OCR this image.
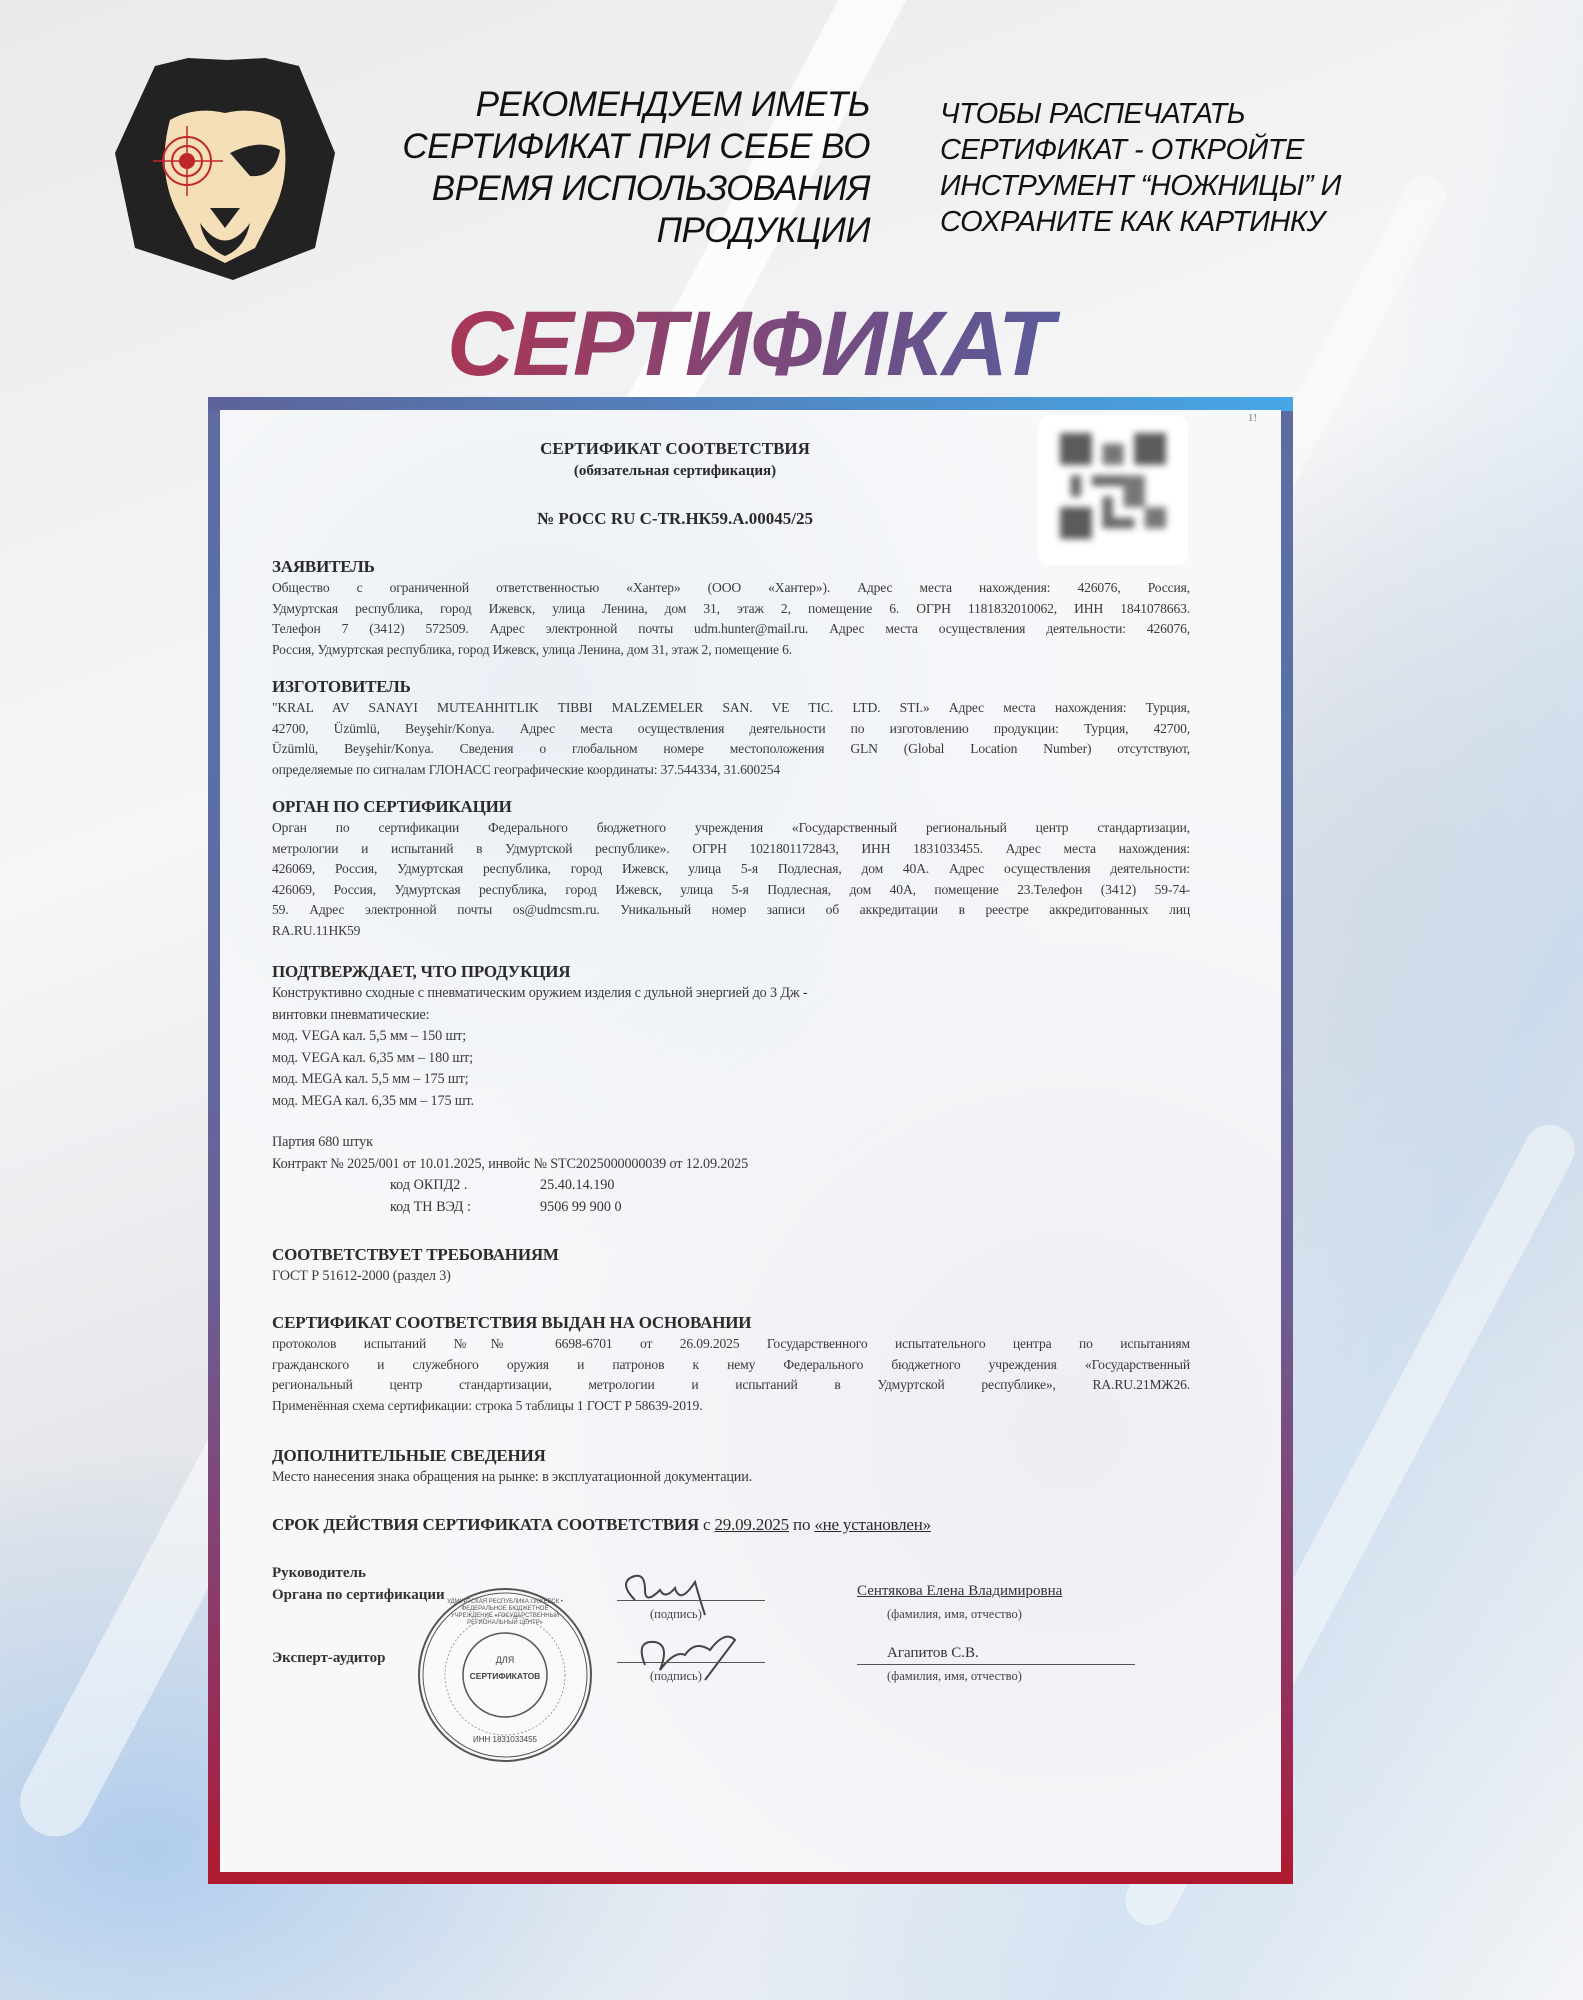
РЕКОМЕНДУЕМ ИМЕТЬ
СЕРТИФИКАТ ПРИ СЕБЕ ВО
ВРЕМЯ ИСПОЛЬЗОВАНИЯ
ПРОДУКЦИИ
ЧТОБЫ РАСПЕЧАТАТЬ
СЕРТИФИКАТ - ОТКРОЙТЕ
ИНСТРУМЕНТ “НОЖНИЦЫ” И
СОХРАНИТЕ КАК КАРТИНКУ
СЕРТИФИКАТ
1!
СЕРТИФИКАТ СООТВЕТСТВИЯ
(обязательная сертификация)
№ РОСС RU C-TR.НК59.А.00045/25
ЗАЯВИТЕЛЬ
Общество с ограниченной ответственностью «Хантер» (ООО «Хантер»). Адрес места нахождения: 426076, Россия,
Удмуртская республика, город Ижевск, улица Ленина, дом 31, этаж 2, помещение 6. ОГРН 1181832010062, ИНН 1841078663.
Телефон 7 (3412) 572509. Адрес электронной почты udm.hunter@mail.ru. Адрес места осуществления деятельности: 426076,
Россия, Удмуртская республика, город Ижевск, улица Ленина, дом 31, этаж 2, помещение 6.
ИЗГОТОВИТЕЛЬ
"KRAL AV SANAYI MUTEAHHITLIK TIBBI MALZEMELER SAN. VE TIC. LTD. STI.» Адрес места нахождения: Турция,
42700, Üzümlü, Beyşehir/Konya. Адрес места осуществления деятельности по изготовлению продукции: Турция, 42700,
Üzümlü, Beyşehir/Konya. Сведения о глобальном номере местоположения GLN (Global Location Number) отсутствуют,
определяемые по сигналам ГЛОНАСС географические координаты: 37.544334, 31.600254
ОРГАН ПО СЕРТИФИКАЦИИ
Орган по сертификации Федерального бюджетного учреждения «Государственный региональный центр стандартизации,
метрологии и испытаний в Удмуртской республике». ОГРН 1021801172843, ИНН 1831033455. Адрес места нахождения:
426069, Россия, Удмуртская республика, город Ижевск, улица 5-я Подлесная, дом 40А. Адрес осуществления деятельности:
426069, Россия, Удмуртская республика, город Ижевск, улица 5-я Подлесная, дом 40А, помещение 23.Телефон (3412) 59-74-
59. Адрес электронной почты os@udmcsm.ru. Уникальный номер записи об аккредитации в реестре аккредитованных лиц
RA.RU.11НК59
ПОДТВЕРЖДАЕТ, ЧТО ПРОДУКЦИЯ
Конструктивно сходные с пневматическим оружием изделия с дульной энергией до 3 Дж -
винтовки пневматические:
мод. VEGA кал. 5,5 мм – 150 шт;
мод. VEGA кал. 6,35 мм – 180 шт;
мод. MEGA кал. 5,5 мм – 175 шт;
мод. MEGA кал. 6,35 мм – 175 шт.
Партия 680 штук
Контракт № 2025/001 от 10.01.2025, инвойс № STC2025000000039 от 12.09.2025
код ОКПД2 .	25.40.14.190
код ТН ВЭД :	9506 99 900 0
СООТВЕТСТВУЕТ ТРЕБОВАНИЯМ
ГОСТ Р 51612-2000 (раздел 3)
СЕРТИФИКАТ СООТВЕТСТВИЯ ВЫДАН НА ОСНОВАНИИ
протоколов испытаний №№ 6698-6701 от 26.09.2025 Государственного испытательного центра по испытаниям
гражданского и служебного оружия и патронов к нему Федерального бюджетного учреждения «Государственный
региональный центр стандартизации, метрологии и испытаний в Удмуртской республике», RA.RU.21МЖ26.
Применённая схема сертификации: строка 5 таблицы 1 ГОСТ Р 58639-2019.
ДОПОЛНИТЕЛЬНЫЕ СВЕДЕНИЯ
Место нанесения знака обращения на рынке: в эксплуатационной документации.
СРОК ДЕЙСТВИЯ СЕРТИФИКАТА СООТВЕТСТВИЯ с 29.09.2025 по «не установлен»
Руководитель
Органа по сертификации
Эксперт-аудитор
(подпись)
(подпись)
Сентякова Елена Владимировна
(фамилия, имя, отчество)
Агапитов С.В.
(фамилия, имя, отчество)
ДЛЯ
СЕРТИФИКАТОВ
ИНН 1831033455
УДМУРТСКАЯ РЕСПУБЛИКА г.ИЖЕВСК • ФЕДЕРАЛЬНОЕ БЮДЖЕТНОЕ УЧРЕЖДЕНИЕ «ГОСУДАРСТВЕННЫЙ РЕГИОНАЛЬНЫЙ ЦЕНТР»
